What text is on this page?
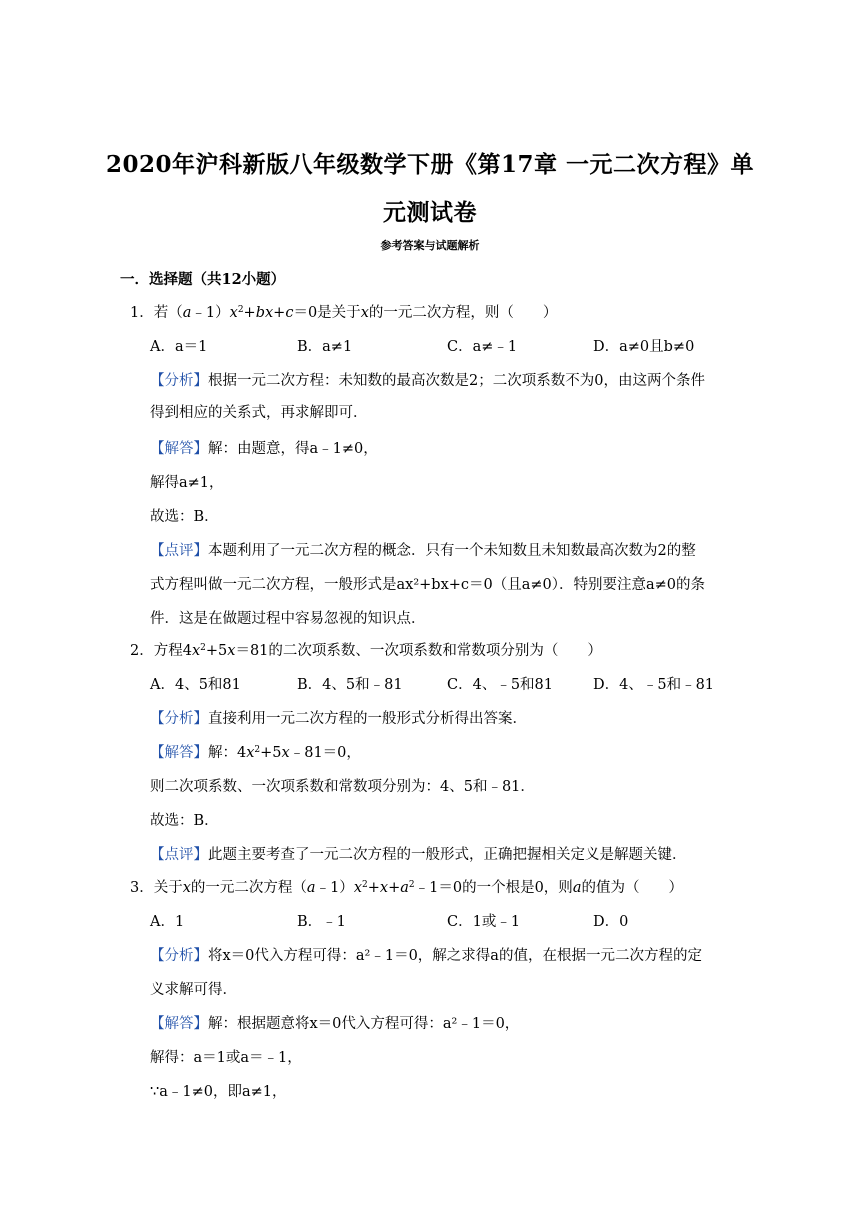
2020年沪科新版八年级数学下册《第17章 一元二次方程》单
元测试卷
参考答案与试题解析
一．选择题（共12小题）
1．若$(a﹣1)x^2+bx+c=0$是关于x的一元二次方程，则（　　）
A．a＝1	B．a≠1	C．a≠﹣1	D．a≠0且b≠0
【分析】根据一元二次方程：未知数的最高次数是2；二次项系数不为0，由这两个条件
得到相应的关系式，再求解即可．
【解答】解：由题意，得a﹣1≠0，
解得a≠1，
故选：B．
【点评】本题利用了一元二次方程的概念．只有一个未知数且未知数最高次数为2的整
式方程叫做一元二次方程，一般形式是ax²+bx+c＝0（且a≠0）．特别要注意a≠0的条
件．这是在做题过程中容易忽视的知识点．
2．方程$4x^2+5x=81$的二次项系数、一次项系数和常数项分别为（　　）
A．4、5和81	B．4、5和﹣81	C．4、﹣5和81	D．4、﹣5和﹣81
【分析】直接利用一元二次方程的一般形式分析得出答案．
【解答】解：$4x^2+5x﹣81=0$，
则二次项系数、一次项系数和常数项分别为：4、5和﹣81．
故选：B．
【点评】此题主要考查了一元二次方程的一般形式，正确把握相关定义是解题关键．
3．关于x的一元二次方程$(a﹣1)x^2+x+a^2﹣1=0$的一个根是0，则a的值为（　　）
A．1	B．﹣1	C．1或﹣1	D．0
【分析】将x＝0代入方程可得：a²﹣1＝0，解之求得a的值，在根据一元二次方程的定
义求解可得．
【解答】解：根据题意将x＝0代入方程可得：a²﹣1＝0，
解得：a＝1或a＝﹣1，
∵a﹣1≠0，即a≠1，
